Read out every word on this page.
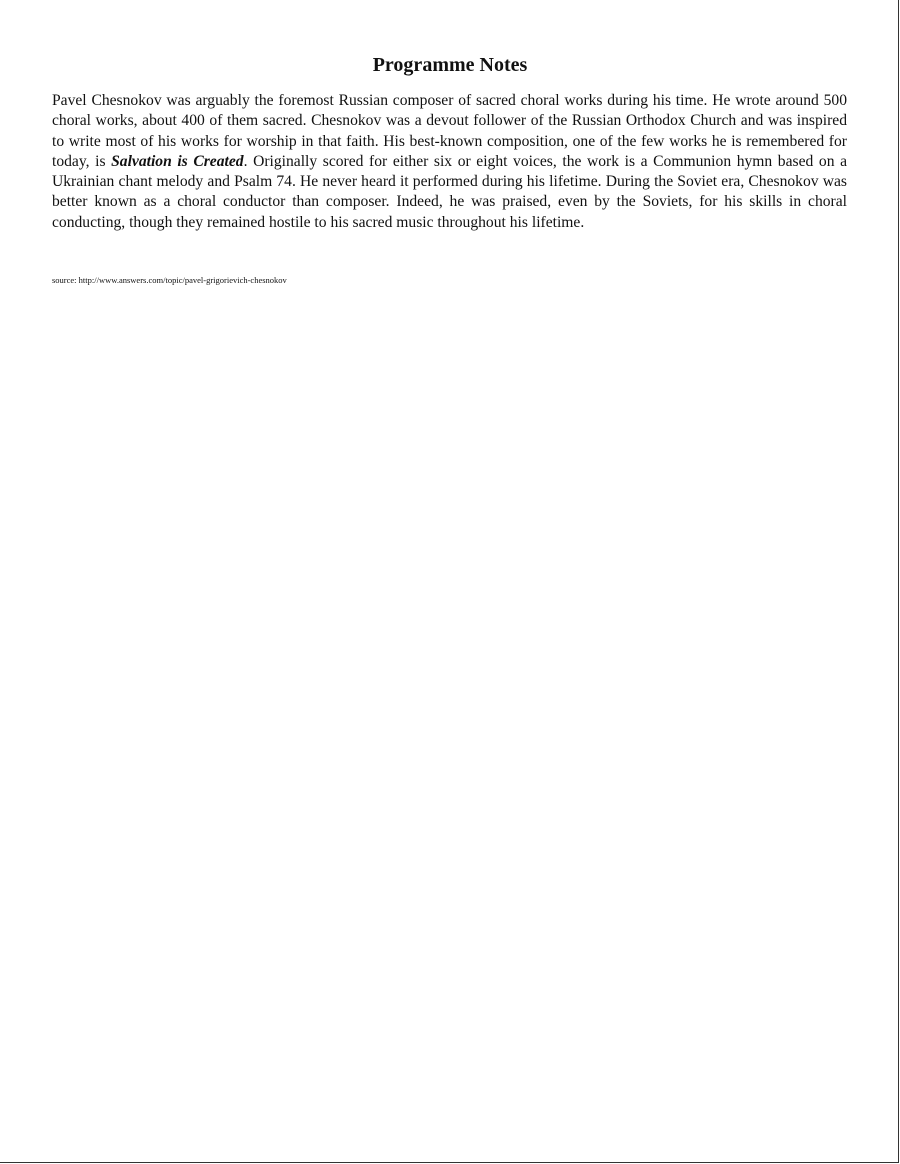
Programme Notes

Pavel Chesnokov was arguably the foremost Russian composer of sacred choral works during his time. He wrote around 500 choral works, about 400 of them sacred. Chesnokov was a devout follower of the Russian Orthodox Church and was inspired to write most of his works for worship in that faith. His best-known composition, one of the few works he is remembered for today, is Salvation is Created. Originally scored for either six or eight voices, the work is a Communion hymn based on a Ukrainian chant melody and Psalm 74. He never heard it performed during his lifetime. During the Soviet era, Chesnokov was better known as a choral conductor than composer. Indeed, he was praised, even by the Soviets, for his skills in choral conducting, though they remained hostile to his sacred music throughout his lifetime.

source: http://www.answers.com/topic/pavel-grigorievich-chesnokov
